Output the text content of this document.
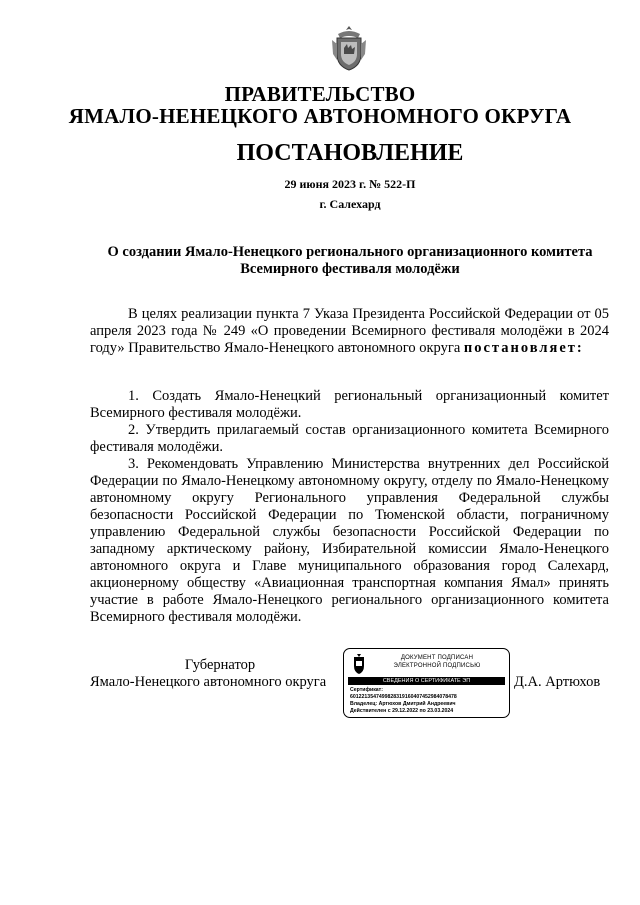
ПРАВИТЕЛЬСТВО
ЯМАЛО-НЕНЕЦКОГО АВТОНОМНОГО ОКРУГА
ПОСТАНОВЛЕНИЕ
29 июня 2023 г. № 522-П
г. Салехард
О создании Ямало-Ненецкого регионального организационного комитета
Всемирного фестиваля молодёжи
В целях реализации пункта 7 Указа Президента Российской Федерации от 05 апреля 2023 года № 249 «О проведении Всемирного фестиваля молодёжи в 2024 году» Правительство Ямало-Ненецкого автономного округа постановляет:

1. Создать Ямало-Ненецкий региональный организационный комитет Всемирного фестиваля молодёжи.

2. Утвердить прилагаемый состав организационного комитета Всемирного фестиваля молодёжи.

3. Рекомендовать Управлению Министерства внутренних дел Российской Федерации по Ямало-Ненецкому автономному округу, отделу по Ямало-Ненецкому автономному округу Регионального управления Федеральной службы безопасности Российской Федерации по Тюменской области, пограничному управлению Федеральной службы безопасности Российской Федерации по западному арктическому району, Избирательной комиссии Ямало-Ненецкого автономного округа и Главе муниципального образования город Салехард, акционерному обществу «Авиационная транспортная компания Ямал» принять участие в работе Ямало-Ненецкого регионального организационного комитета Всемирного фестиваля молодёжи.

Губернатор
Ямало-Ненецкого автономного округа
ДОКУМЕНТ ПОДПИСАН
ЭЛЕКТРОННОЙ ПОДПИСЬЮ
СВЕДЕНИЯ О СЕРТИФИКАТЕ ЭП
Сертификат:
6012213547499828319160407452984078478
Владелец: Артюхов Дмитрий Андреевич
Действителен с 29.12.2022 по 23.03.2024
Д.А. Артюхов
